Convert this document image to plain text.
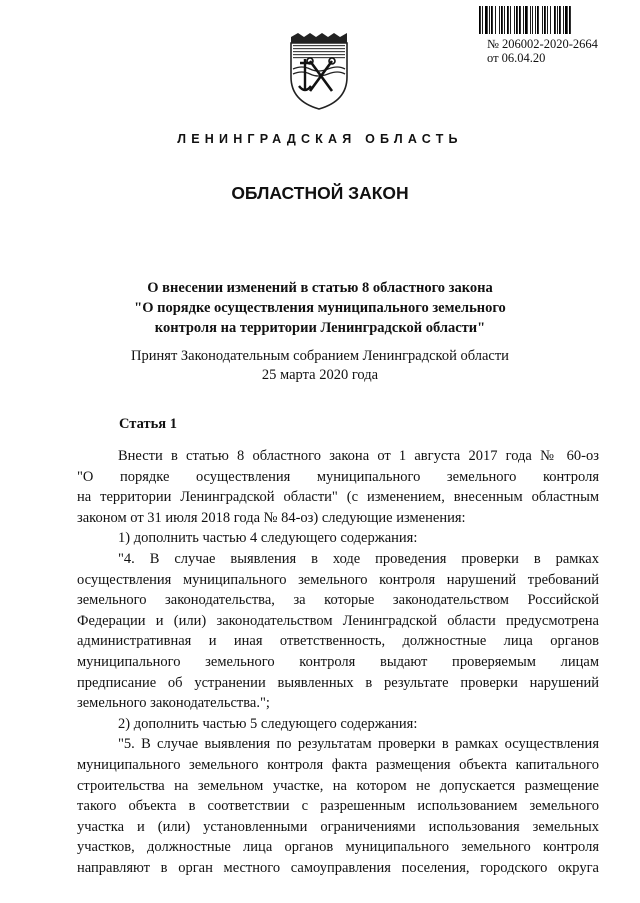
№ 206002-2020-2664
от 06.04.20
ЛЕНИНГРАДСКАЯ ОБЛАСТЬ
ОБЛАСТНОЙ ЗАКОН
О внесении изменений в статью 8 областного закона
"О порядке осуществления муниципального земельного
контроля на территории Ленинградской области"
Принят Законодательным собранием Ленинградской области
25 марта 2020 года
Статья 1
Внести в статью 8 областного закона от 1 августа 2017 года № 60-оз
"О порядке осуществления муниципального земельного контроля
на территории Ленинградской области" (с изменением, внесенным областным
законом от 31 июля 2018 года № 84-оз) следующие изменения:
1) дополнить частью 4 следующего содержания:
"4. В случае выявления в ходе проведения проверки в рамках
осуществления муниципального земельного контроля нарушений требований
земельного законодательства, за которые законодательством Российской
Федерации и (или) законодательством Ленинградской области предусмотрена
административная и иная ответственность, должностные лица органов
муниципального земельного контроля выдают проверяемым лицам
предписание об устранении выявленных в результате проверки нарушений
земельного законодательства.";
2) дополнить частью 5 следующего содержания:
"5. В случае выявления по результатам проверки в рамках осуществления
муниципального земельного контроля факта размещения объекта капитального
строительства на земельном участке, на котором не допускается размещение
такого объекта в соответствии с разрешенным использованием земельного
участка и (или) установленными ограничениями использования земельных
участков, должностные лица органов муниципального земельного контроля
направляют в орган местного самоуправления поселения, городского округа
